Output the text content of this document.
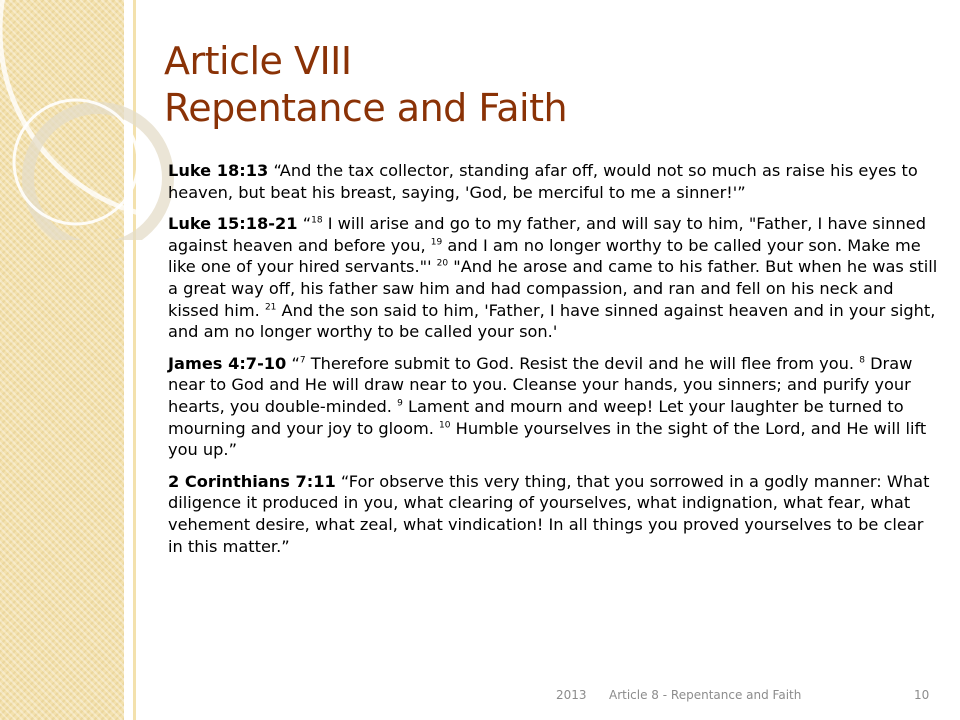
Article VIII
Repentance and Faith

Luke 18:13 “And the tax collector, standing afar off, would not so much as raise his eyes to heaven, but beat his breast, saying, 'God, be merciful to me a sinner!'”

Luke 15:18-21 “$^{18}$ I will arise and go to my father, and will say to him, "Father, I have sinned against heaven and before you, $^{19}$ and I am no longer worthy to be called your son. Make me like one of your hired servants."' $^{20}$ "And he arose and came to his father. But when he was still a great way off, his father saw him and had compassion, and ran and fell on his neck and kissed him. $^{21}$ And the son said to him, 'Father, I have sinned against heaven and in your sight, and am no longer worthy to be called your son.'

James 4:7-10 “$^7$ Therefore submit to God. Resist the devil and he will flee from you. $^8$ Draw near to God and He will draw near to you. Cleanse your hands, you sinners; and purify your hearts, you double-minded. $^9$ Lament and mourn and weep! Let your laughter be turned to mourning and your joy to gloom. $^{10}$ Humble yourselves in the sight of the Lord, and He will lift you up.”

2 Corinthians 7:11 “For observe this very thing, that you sorrowed in a godly manner: What diligence it produced in you, what clearing of yourselves, what indignation, what fear, what vehement desire, what zeal, what vindication! In all things you proved yourselves to be clear in this matter.”

2013 Article 8 - Repentance and Faith	10
